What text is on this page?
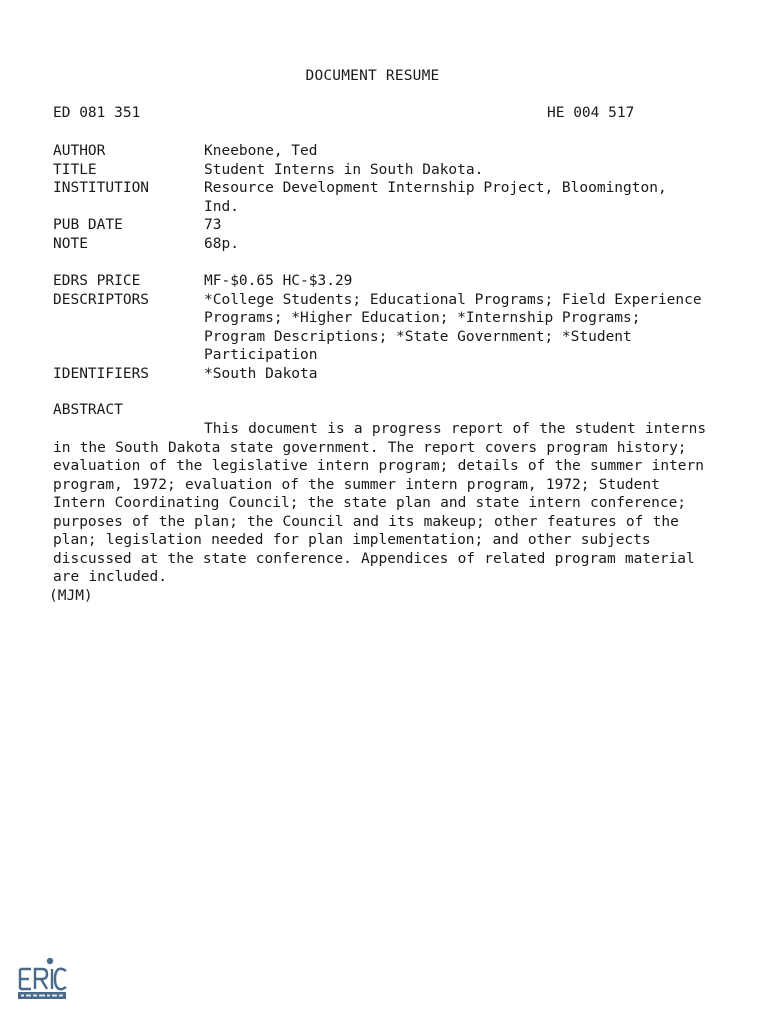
DOCUMENT RESUME
ED 081 351	HE 004 517
AUTHOR	Kneebone, Ted
TITLE	Student Interns in South Dakota.
INSTITUTION	Resource Development Internship Project, Bloomington, Ind.
PUB DATE	73
NOTE	68p.
EDRS PRICE	MF-$0.65 HC-$3.29
DESCRIPTORS	*College Students; Educational Programs; Field Experience Programs; *Higher Education; *Internship Programs; Program Descriptions; *State Government; *Student Participation
IDENTIFIERS	*South Dakota
ABSTRACT
This document is a progress report of the student interns in the South Dakota state government. The report covers program history; evaluation of the legislative intern program; details of the summer intern program, 1972; evaluation of the summer intern program, 1972; Student Intern Coordinating Council; the state plan and state intern conference; purposes of the plan; the Council and its makeup; other features of the plan; legislation needed for plan implementation; and other subjects discussed at the state conference. Appendices of related program material are included.
(MJM)
